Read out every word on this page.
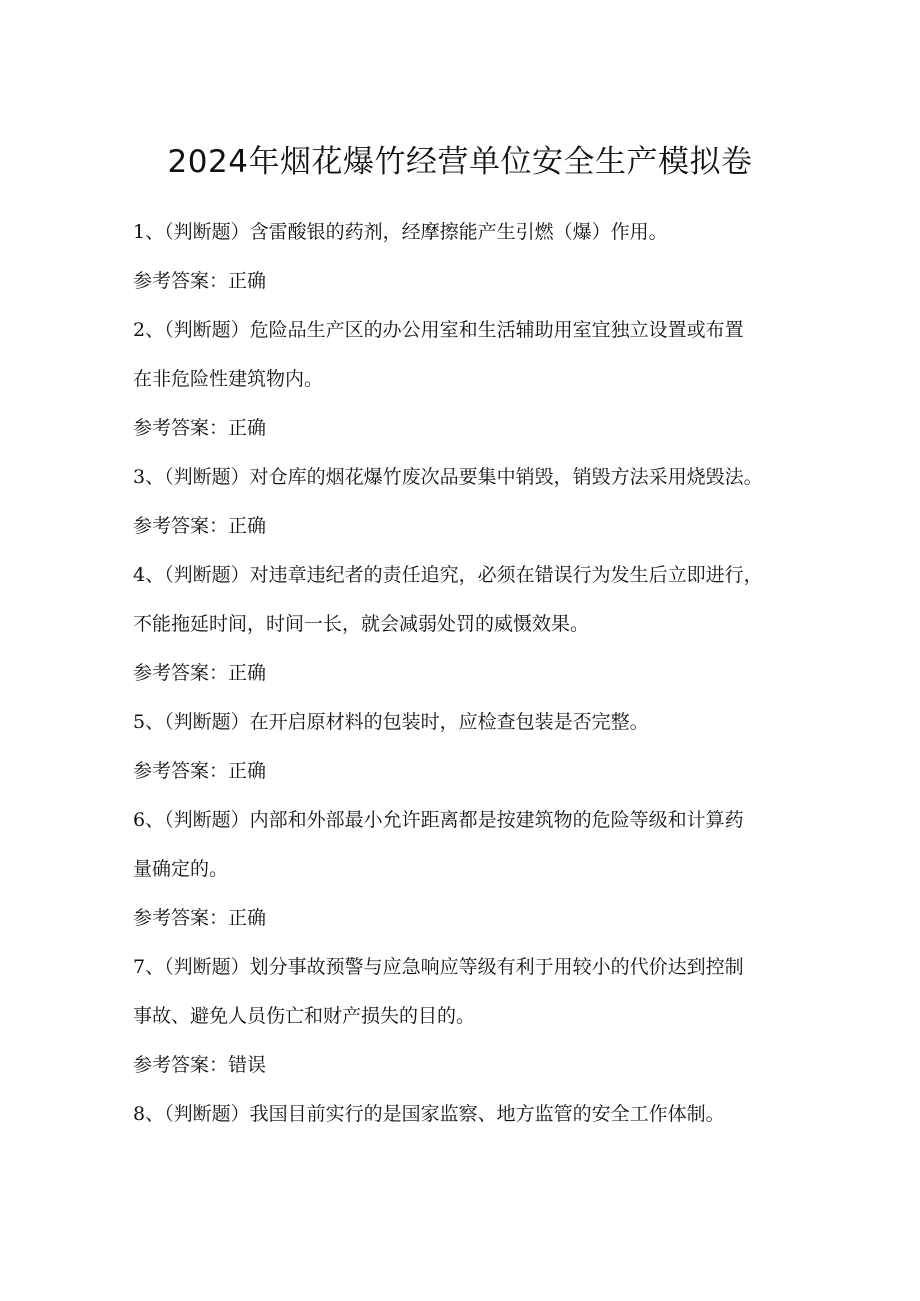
2024年烟花爆竹经营单位安全生产模拟卷
1、（判断题）含雷酸银的药剂，经摩擦能产生引燃（爆）作用。
参考答案：正确
2、（判断题）危险品生产区的办公用室和生活辅助用室宜独立设置或布置
在非危险性建筑物内。
参考答案：正确
3、（判断题）对仓库的烟花爆竹废次品要集中销毁，销毁方法采用烧毁法。
参考答案：正确
4、（判断题）对违章违纪者的责任追究，必须在错误行为发生后立即进行，
不能拖延时间，时间一长，就会减弱处罚的威慑效果。
参考答案：正确
5、（判断题）在开启原材料的包装时，应检查包装是否完整。
参考答案：正确
6、（判断题）内部和外部最小允许距离都是按建筑物的危险等级和计算药
量确定的。
参考答案：正确
7、（判断题）划分事故预警与应急响应等级有利于用较小的代价达到控制
事故、避免人员伤亡和财产损失的目的。
参考答案：错误
8、（判断题）我国目前实行的是国家监察、地方监管的安全工作体制。
